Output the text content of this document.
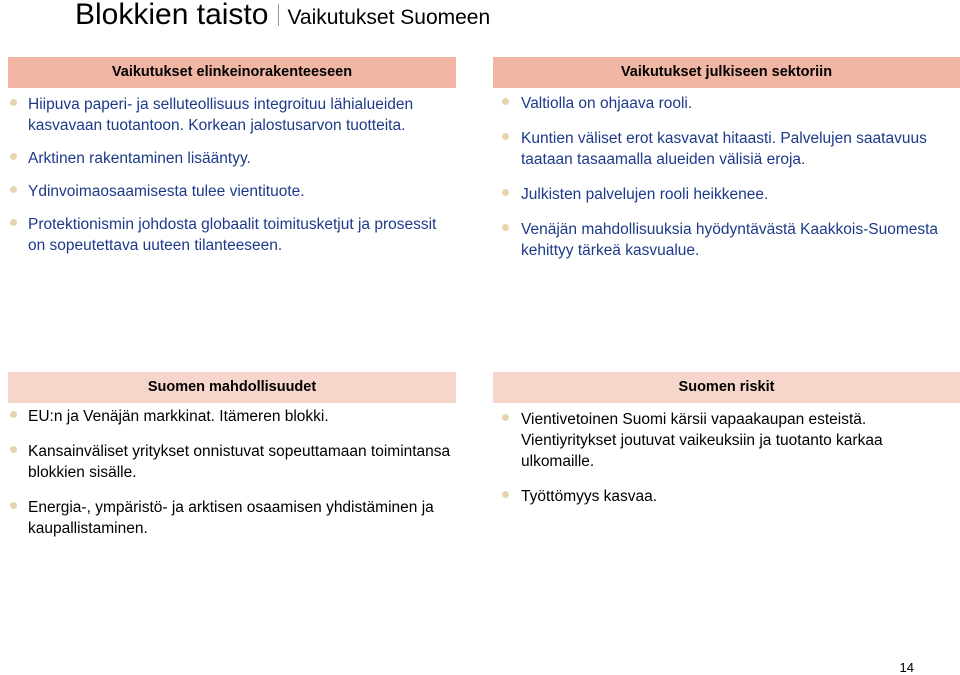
Blokkien taisto Vaikutukset Suomeen
Vaikutukset elinkeinorakenteeseen
Hiipuva paperi- ja selluteollisuus integroituu lähialueiden kasvavaan tuotantoon. Korkean jalostusarvon tuotteita.
Arktinen rakentaminen lisääntyy.
Ydinvoimaosaamisesta tulee vientituote.
Protektionismin johdosta globaalit toimitusketjut ja prosessit on sopeutettava uuteen tilanteeseen.
Vaikutukset julkiseen sektoriin
Valtiolla on ohjaava rooli.
Kuntien väliset erot kasvavat hitaasti. Palvelujen saatavuus taataan tasaamalla alueiden välisiä eroja.
Julkisten palvelujen rooli heikkenee.
Venäjän mahdollisuuksia hyödyntävästä Kaakkois-Suomesta kehittyy tärkeä kasvualue.
Suomen mahdollisuudet
EU:n ja Venäjän markkinat. Itämeren blokki.
Kansainväliset yritykset onnistuvat sopeuttamaan toimintansa blokkien sisälle.
Energia-, ympäristö- ja arktisen osaamisen yhdistäminen ja kaupallistaminen.
Suomen riskit
Vientivetoinen Suomi kärsii vapaakaupan esteistä. Vientiyritykset joutuvat vaikeuksiin ja tuotanto karkaa ulkomaille.
Työttömyys kasvaa.
14
